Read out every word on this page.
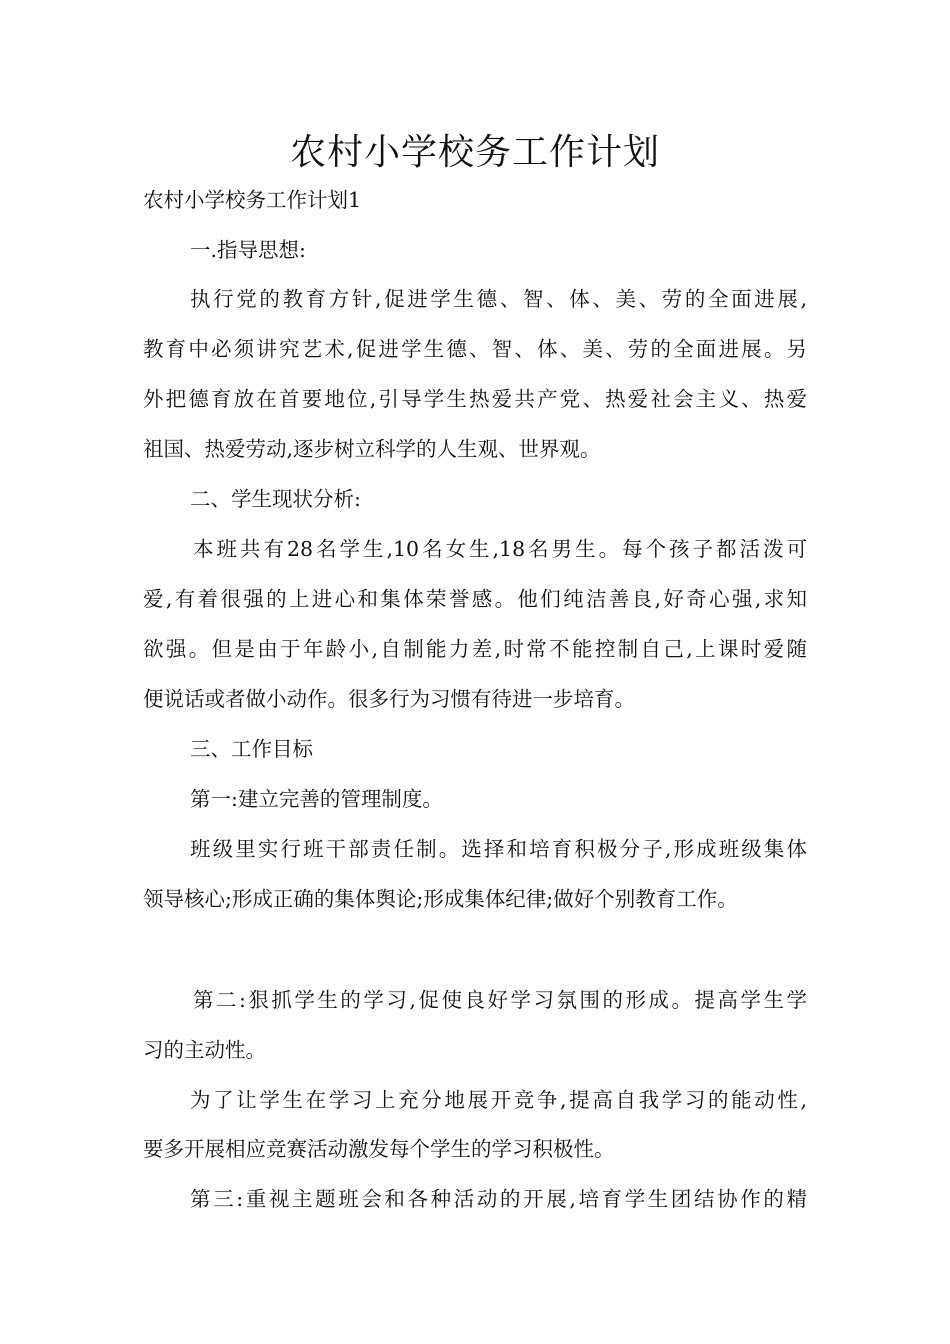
农村小学校务工作计划

农村小学校务工作计划1

一.指导思想:

执行党的教育方针,促进学生德、智、体、美、劳的全面进展,

教育中必须讲究艺术,促进学生德、智、体、美、劳的全面进展。另

外把德育放在首要地位,引导学生热爱共产党、热爱社会主义、热爱

祖国、热爱劳动,逐步树立科学的人生观、世界观。

二、学生现状分析:

本班共有28名学生,10名女生,18名男生。每个孩子都活泼可

爱,有着很强的上进心和集体荣誉感。他们纯洁善良,好奇心强,求知

欲强。但是由于年龄小,自制能力差,时常不能控制自己,上课时爱随

便说话或者做小动作。很多行为习惯有待进一步培育。

三、工作目标

第一:建立完善的管理制度。

班级里实行班干部责任制。选择和培育积极分子,形成班级集体

领导核心;形成正确的集体舆论;形成集体纪律;做好个别教育工作。

第二:狠抓学生的学习,促使良好学习氛围的形成。提高学生学

习的主动性。

为了让学生在学习上充分地展开竞争,提高自我学习的能动性,

要多开展相应竞赛活动激发每个学生的学习积极性。

第三:重视主题班会和各种活动的开展,培育学生团结协作的精
